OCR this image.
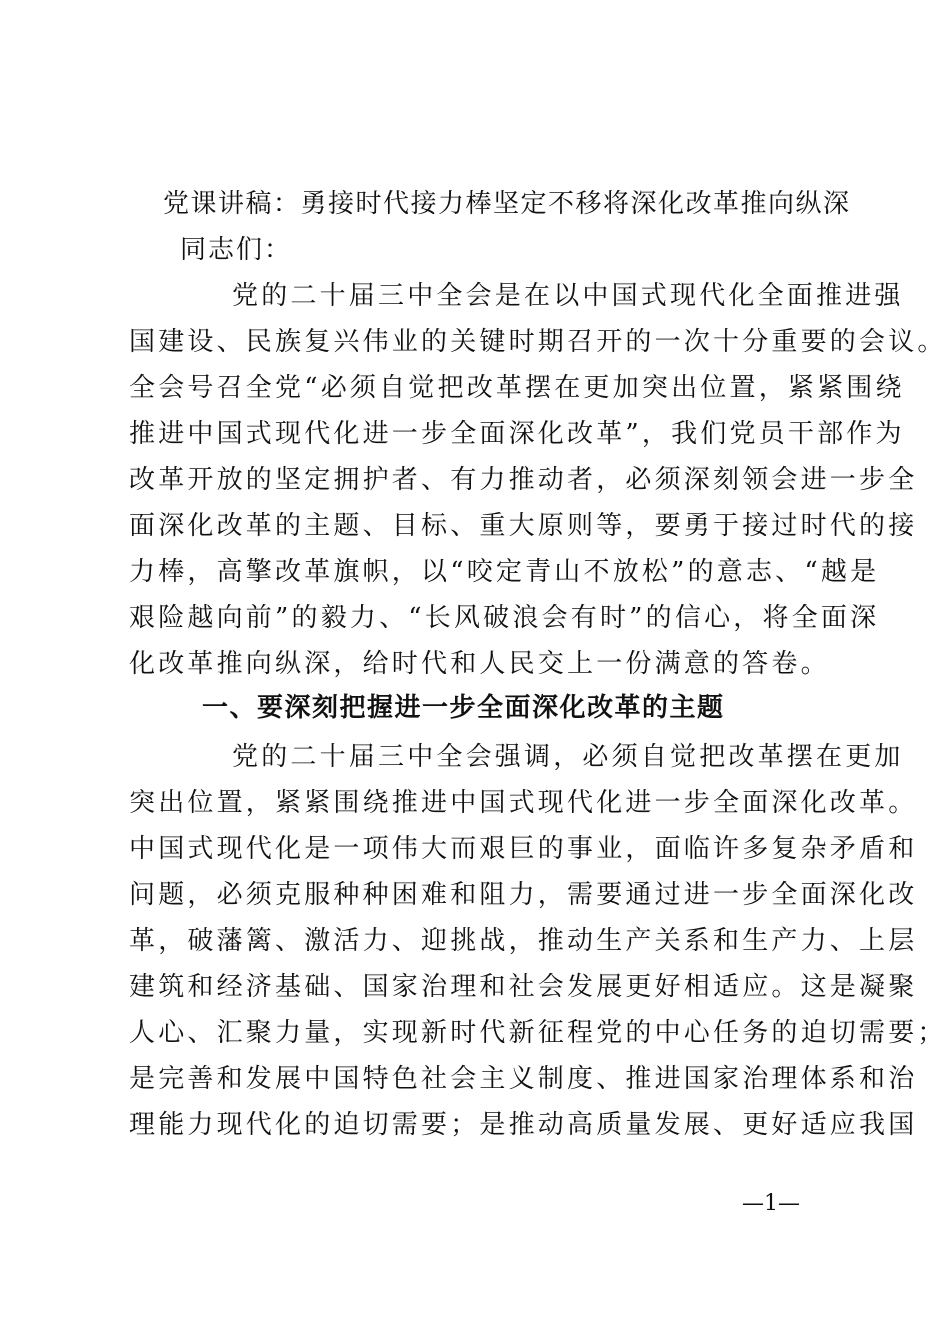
党课讲稿：勇接时代接力棒坚定不移将深化改革推向纵深
同志们：
党的二十届三中全会是在以中国式现代化全面推进强
国建设、民族复兴伟业的关键时期召开的一次十分重要的会议。
全会号召全党“必须自觉把改革摆在更加突出位置，紧紧围绕
推进中国式现代化进一步全面深化改革”，我们党员干部作为
改革开放的坚定拥护者、有力推动者，必须深刻领会进一步全
面深化改革的主题、目标、重大原则等，要勇于接过时代的接
力棒，高擎改革旗帜，以“咬定青山不放松”的意志、“越是
艰险越向前”的毅力、“长风破浪会有时”的信心，将全面深
化改革推向纵深，给时代和人民交上一份满意的答卷。
一、要深刻把握进一步全面深化改革的主题
党的二十届三中全会强调，必须自觉把改革摆在更加
突出位置，紧紧围绕推进中国式现代化进一步全面深化改革。
中国式现代化是一项伟大而艰巨的事业，面临许多复杂矛盾和
问题，必须克服种种困难和阻力，需要通过进一步全面深化改
革，破藩篱、激活力、迎挑战，推动生产关系和生产力、上层
建筑和经济基础、国家治理和社会发展更好相适应。这是凝聚
人心、汇聚力量，实现新时代新征程党的中心任务的迫切需要；
是完善和发展中国特色社会主义制度、推进国家治理体系和治
理能力现代化的迫切需要；是推动高质量发展、更好适应我国
—1—
